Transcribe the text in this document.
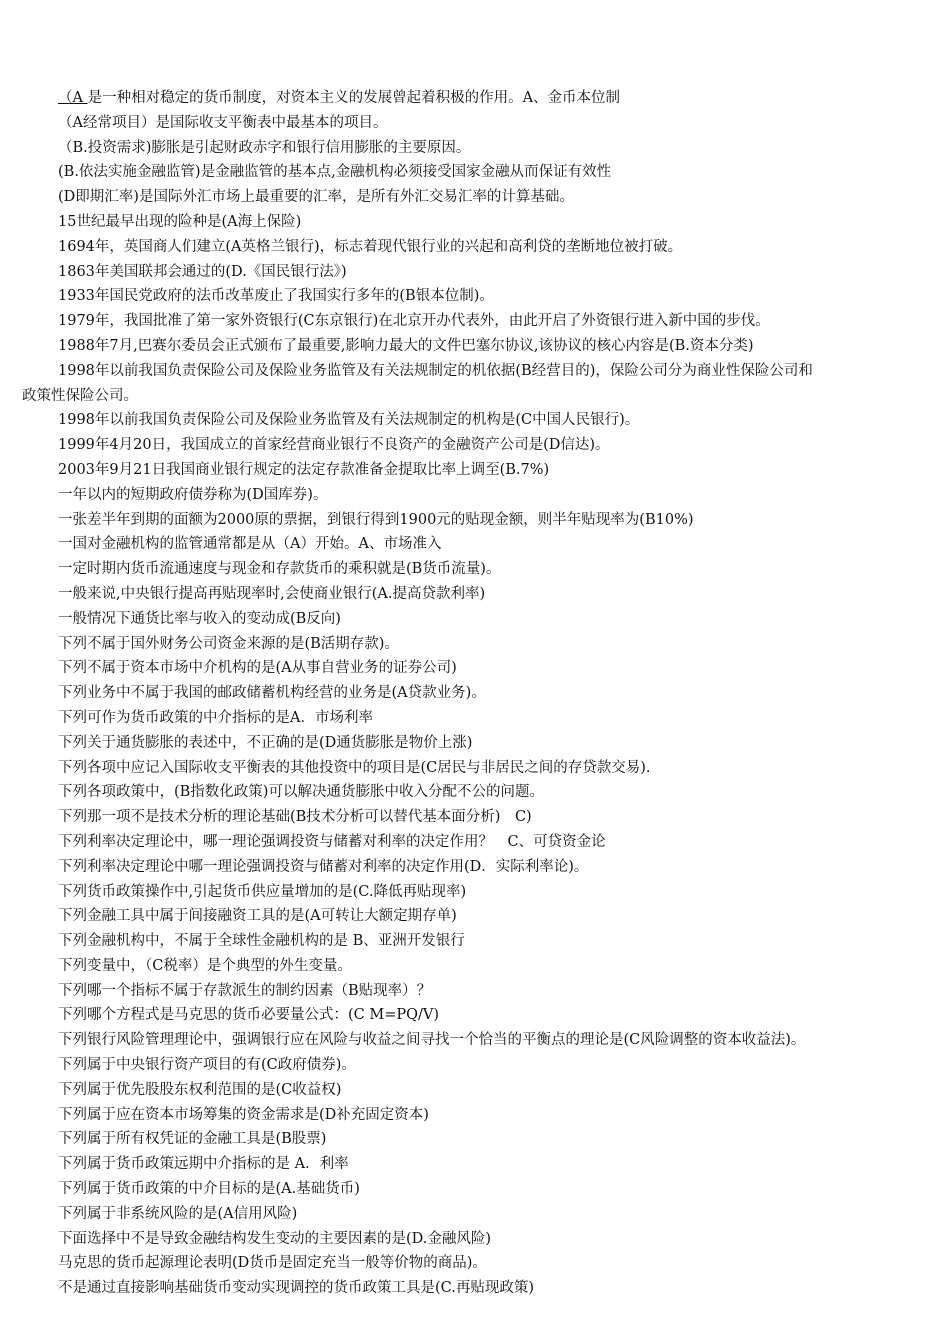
（A 是一种相对稳定的货币制度，对资本主义的发展曾起着积极的作用。A、金币本位制
（A经常项目）是国际收支平衡表中最基本的项目。
（B.投资需求)膨胀是引起财政赤字和银行信用膨胀的主要原因。
(B.依法实施金融监管)是金融监管的基本点,金融机构必须接受国家金融从而保证有效性
(D即期汇率)是国际外汇市场上最重要的汇率，是所有外汇交易汇率的计算基础。
15世纪最早出现的险种是(A海上保险)
1694年，英国商人们建立(A英格兰银行)，标志着现代银行业的兴起和高利贷的垄断地位被打破。
1863年美国联邦会通过的(D.《国民银行法》)
1933年国民党政府的法币改革废止了我国实行多年的(B银本位制)。
1979年，我国批准了第一家外资银行(C东京银行)在北京开办代表外，由此开启了外资银行进入新中国的步伐。
1988年7月,巴赛尔委员会正式颁布了最重要,影响力最大的文件巴塞尔协议,该协议的核心内容是(B.资本分类)
1998年以前我国负责保险公司及保险业务监管及有关法规制定的机依据(B经营目的)，保险公司分为商业性保险公司和
政策性保险公司。
1998年以前我国负责保险公司及保险业务监管及有关法规制定的机构是(C中国人民银行)。
1999年4月20日，我国成立的首家经营商业银行不良资产的金融资产公司是(D信达)。
2003年9月21日我国商业银行规定的法定存款准备金提取比率上调至(B.7%)
一年以内的短期政府债券称为(D国库券)。
一张差半年到期的面额为2000原的票据，到银行得到1900元的贴现金额，则半年贴现率为(B10%)
一国对金融机构的监管通常都是从（A）开始。A、市场准入
一定时期内货币流通速度与现金和存款货币的乘积就是(B货币流量)。
一般来说,中央银行提高再贴现率时,会使商业银行(A.提高贷款利率)
一般情况下通货比率与收入的变动成(B反向)
下列不属于国外财务公司资金来源的是(B活期存款)。
下列不属于资本市场中介机构的是(A从事自营业务的证券公司)
下列业务中不属于我国的邮政储蓄机构经营的业务是(A贷款业务)。
下列可作为货币政策的中介指标的是A．市场利率
下列关于通货膨胀的表述中，不正确的是(D通货膨胀是物价上涨)
下列各项中应记入国际收支平衡表的其他投资中的项目是(C居民与非居民之间的存贷款交易).
下列各项政策中，(B指数化政策)可以解决通货膨胀中收入分配不公的问题。
下列那一项不是技术分析的理论基础(B技术分析可以替代基本面分析)　C)
下列利率决定理论中，哪一理论强调投资与储蓄对利率的决定作用？　C、可贷资金论
下列利率决定理论中哪一理论强调投资与储蓄对利率的决定作用(D．实际利率论)。
下列货币政策操作中,引起货币供应量增加的是(C.降低再贴现率)
下列金融工具中属于间接融资工具的是(A可转让大额定期存单)
下列金融机构中，不属于全球性金融机构的是 B、亚洲开发银行
下列变量中，（C税率）是个典型的外生变量。
下列哪一个指标不属于存款派生的制约因素（B贴现率）？
下列哪个方程式是马克思的货币必要量公式：(C M=PQ/V)
下列银行风险管理理论中，强调银行应在风险与收益之间寻找一个恰当的平衡点的理论是(C风险调整的资本收益法)。
下列属于中央银行资产项目的有(C政府债券)。
下列属于优先股股东权利范围的是(C收益权)
下列属于应在资本市场筹集的资金需求是(D补充固定资本)
下列属于所有权凭证的金融工具是(B股票)
下列属于货币政策远期中介指标的是 A．利率
下列属于货币政策的中介目标的是(A.基础货币)
下列属于非系统风险的是(A信用风险)
下面选择中不是导致金融结构发生变动的主要因素的是(D.金融风险)
马克思的货币起源理论表明(D货币是固定充当一般等价物的商品)。
不是通过直接影响基础货币变动实现调控的货币政策工具是(C.再贴现政策)
